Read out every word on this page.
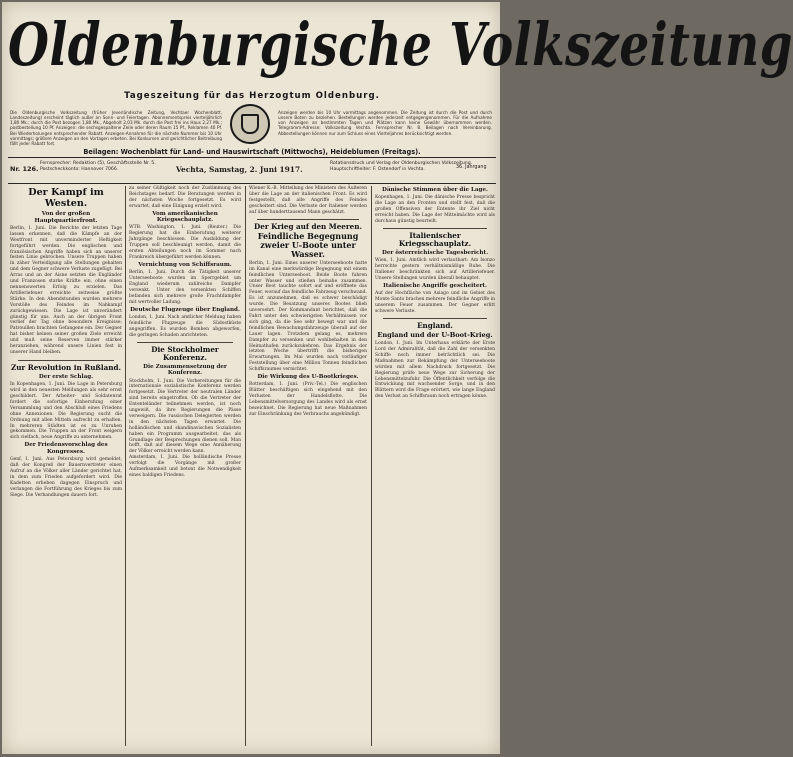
Oldenburgische Volkszeitung
Tageszeitung für das Herzogtum Oldenburg.

Die Oldenburgische Volkszeitung (früher Jeverländische Zeitung, Vechtaer Wochenblatt, Landeszeitung) erscheint täglich außer an Sonn- und Feiertagen. Abonnementspreis vierteljährlich 1,80 Mk.; durch die Post bezogen 1,80 Mk., Abgeholt 2,03 Mk. durch die Post frei ins Haus 2,27 Mk.; postbestellung 10 Pf. Anzeigen: die sechsgespaltene Zeile oder deren Raum 15 Pf., Reklamen 40 Pf. Bei Wiederholungen entsprechender Rabatt. Anzeigen-Annahme für die nächste Nummer bis 10 Uhr vormittags; größere Anzeigen an den Vortagen erbeten. Bei Konkursen und gerichtlicher Beitreibung fällt jeder Rabatt fort.

Anzeigen werden bis 10 Uhr vormittags angenommen. Die Zeitung ist durch die Post und durch unsere Boten zu beziehen. Bestellungen werden jederzeit entgegengenommen. Für die Aufnahme von Anzeigen an bestimmten Tagen und Plätzen kann keine Gewähr übernommen werden. Telegramm-Adresse: Volkszeitung Vechta. Fernsprecher Nr. 8. Beilagen nach Vereinbarung. Abbestellungen können nur zum Schluss eines Vierteljahres berücksichtigt werden.

Beilagen: Wochenblatt für Land- und Hauswirtschaft (Mittwochs), Heideblumen (Freitags).
Nr. 126.
Fernsprecher: Redaktion (5), Geschäftsstelle Nr. 5.
Postscheckkonto: Hannover 7066.	Vechta, Samstag, 2. Juni 1917.
Rotationsdruck und Verlag der Oldenburgischen Volkszeitung.
Hauptschriftleiter: F. Ostendorf in Vechta.	36. Jahrgang
Der Kampf im Westen.
Von der großen Hauptquartierfront.

Berlin, 1. Juni. Die Berichte der letzten Tage lassen erkennen, daß die Kämpfe an der Westfront mit unverminderter Heftigkeit fortgeführt werden. Die englischen und französischen Angriffe haben sich an unserer festen Linie gebrochen. Unsere Truppen haben in zäher Verteidigung alle Stellungen gehalten und dem Gegner schwere Verluste zugefügt. Bei Arras und an der Aisne setzten die Engländer und Franzosen starke Kräfte ein, ohne einen nennenswerten Erfolg zu erzielen. Das Artilleriefeuer erreichte zeitweise größte Stärke. In den Abendstunden wurden mehrere Vorstöße des Feindes im Nahkampf zurückgewiesen. Die Lage ist unverändert günstig für uns. Auch an der übrigen Front verlief der Tag ohne besondere Ereignisse; Patrouillen brachten Gefangene ein. Der Gegner hat bisher keinen seiner großen Ziele erreicht und muß seine Reserven immer stärker heranziehen, während unsere Linien fest in unserer Hand bleiben.

Zur Revolution in Rußland.
Der erste Schlag.

In Kopenhagen, 1. Juni. Die Lage in Petersburg wird in den neuesten Meldungen als sehr ernst geschildert. Der Arbeiter- und Soldatenrat fordert die sofortige Einberufung einer Versammlung und den Abschluß eines Friedens ohne Annexionen. Die Regierung sucht die Ordnung mit allen Mitteln aufrecht zu erhalten. In mehreren Städten ist es zu Unruhen gekommen. Die Truppen an der Front weigern sich vielfach, neue Angriffe zu unternehmen.

Der Friedensvorschlag des Kongresses.

Genf, 1. Juni. Aus Petersburg wird gemeldet, daß der Kongreß der Bauernvertreter einen Aufruf an die Völker aller Länder gerichtet hat, in dem zum Frieden aufgefordert wird. Die Kadetten erheben dagegen Einspruch und verlangen die Fortführung des Krieges bis zum Siege. Die Verhandlungen dauern fort.

zu seiner Gültigkeit noch der Zustimmung des Reichstages bedarf. Die Beratungen werden in der nächsten Woche fortgesetzt. Es wird erwartet, daß eine Einigung erzielt wird.

Vom amerikanischen Kriegsschauplatz.

WTB. Washington, 1. Juni. (Reuter.) Die Regierung hat die Einberufung weiterer Jahrgänge beschlossen. Die Ausbildung der Truppen soll beschleunigt werden, damit die ersten Abteilungen noch im Sommer nach Frankreich übergeführt werden können.

Vernichtung von Schiffsraum.

Berlin, 1. Juni. Durch die Tätigkeit unserer Unterseeboote wurden im Sperrgebiet um England wiederum zahlreiche Dampfer versenkt. Unter den versenkten Schiffen befanden sich mehrere große Frachtdampfer mit wertvoller Ladung.

Deutsche Flugzeuge über England.

London, 1. Juni. Nach amtlicher Meldung haben feindliche Flugzeuge die Südostküste angegriffen. Es wurden Bomben abgeworfen, die geringen Schaden anrichteten.

Die Stockholmer Konferenz.
Die Zusammensetzung der Konferenz.

Stockholm, 1. Juni. Die Vorbereitungen für die internationale sozialistische Konferenz werden fortgesetzt. Die Vertreter der neutralen Länder sind bereits eingetroffen. Ob die Vertreter der Ententeländer teilnehmen werden, ist noch ungewiß, da ihre Regierungen die Pässe verweigern. Die russischen Delegierten werden in den nächsten Tagen erwartet. Die holländischen und skandinavischen Sozialisten haben ein Programm ausgearbeitet, das als Grundlage der Besprechungen dienen soll. Man hofft, daß auf diesem Wege eine Annäherung der Völker erreicht werden kann.

Amsterdam, 1. Juni. Die holländische Presse verfolgt die Vorgänge mit großer Aufmerksamkeit und betont die Notwendigkeit eines baldigen Friedens.

Wiener K.-B. Mitteilung des Ministers des Äußeren über die Lage an der italienischen Front. Es wird festgestellt, daß alle Angriffe des Feindes gescheitert sind. Die Verluste der Italiener werden auf über hunderttausend Mann geschätzt.

Der Krieg auf den Meeren.
Feindliche Begegnung zweier U-Boote unter Wasser.

Berlin, 1. Juni. Eines unserer Unterseeboote hatte im Kanal eine merkwürdige Begegnung mit einem feindlichen Unterseeboot. Beide Boote fuhren unter Wasser und stießen beinahe zusammen. Unser Boot tauchte sofort auf und eröffnete das Feuer, worauf das feindliche Fahrzeug verschwand. Es ist anzunehmen, daß es schwer beschädigt wurde. Die Besatzung unseres Bootes blieb unversehrt. Der Kommandant berichtet, daß die Fahrt unter den schwierigsten Verhältnissen vor sich ging, da die See sehr bewegt war und die feindlichen Bewachungsfahrzeuge überall auf der Lauer lagen. Trotzdem gelang es, mehrere Dampfer zu versenken und wohlbehalten in den Heimathafen zurückzukehren. Das Ergebnis der letzten Woche übertrifft die bisherigen Erwartungen. Im Mai wurden nach vorläufiger Feststellung über eine Million Tonnen feindlichen Schiffsraumes vernichtet.

Die Wirkung des U-Bootkrieges.

Rotterdam, 1. Juni. (Priv.-Tel.) Die englischen Blätter beschäftigen sich eingehend mit den Verlusten der Handelsflotte. Die Lebensmittelversorgung des Landes wird als ernst bezeichnet. Die Regierung hat neue Maßnahmen zur Einschränkung des Verbrauchs angekündigt.

Dänische Stimmen über die Lage.

Kopenhagen, 1. Juni. Die dänische Presse bespricht die Lage an den Fronten und stellt fest, daß die großen Offensiven der Entente ihr Ziel nicht erreicht haben. Die Lage der Mittelmächte wird als durchaus günstig beurteilt.

Italienischer Kriegsschauplatz.
Der österreichische Tagesbericht.

Wien, 1. Juni. Amtlich wird verlautbart: Am Isonzo herrschte gestern verhältnismäßige Ruhe. Die Italiener beschränkten sich auf Artilleriefeuer. Unsere Stellungen wurden überall behauptet.

Italienische Angriffe gescheitert.

Auf der Hochfläche von Asiago und im Gebiet des Monte Santo brachen mehrere feindliche Angriffe in unserem Feuer zusammen. Der Gegner erlitt schwere Verluste.

England.
England und der U-Boot-Krieg.

London, 1. Juni. Im Unterhaus erklärte der Erste Lord der Admiralität, daß die Zahl der versenkten Schiffe noch immer beträchtlich sei. Die Maßnahmen zur Bekämpfung der Unterseeboote würden mit allem Nachdruck fortgesetzt. Die Regierung prüfe neue Wege zur Sicherung der Lebensmittelzufuhr. Die Öffentlichkeit verfolge die Entwicklung mit wachsender Sorge, und in den Blättern wird die Frage erörtert, wie lange England den Verlust an Schiffsraum noch ertragen könne.
